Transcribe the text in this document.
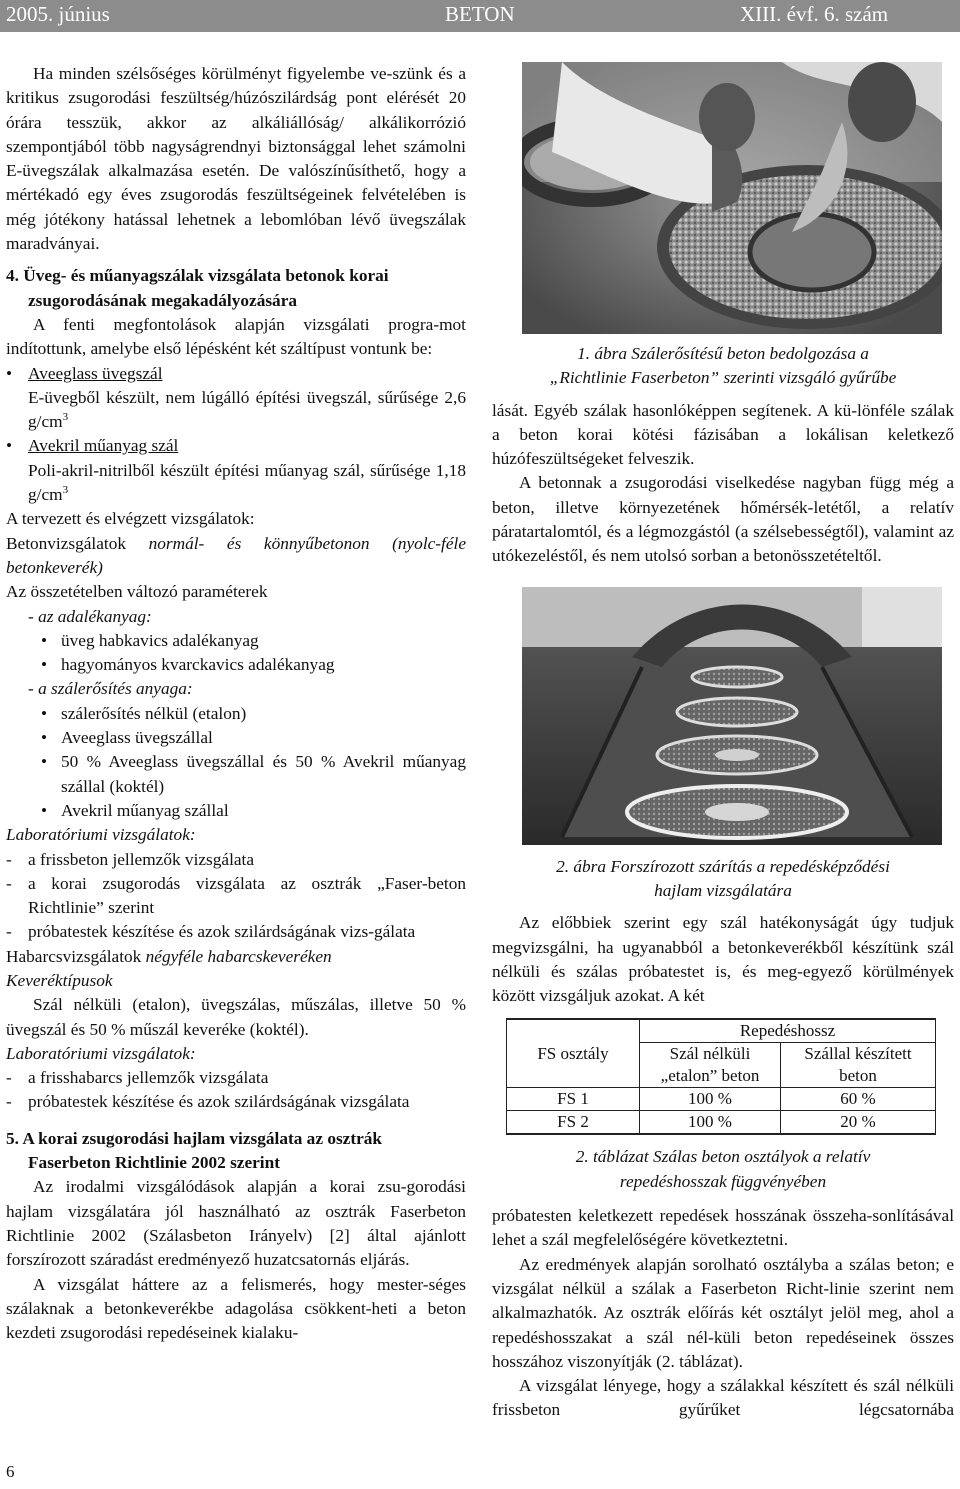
2005. június	BETON	XIII. évf. 6. szám

Ha minden szélsőséges körülményt figyelembe ve-szünk és a kritikus zsugorodási feszültség/húzószilárdság pont elérését 20 órára tesszük, akkor az alkáliállóság/ alkálikorrózió szempontjából több nagyságrendnyi biztonsággal lehet számolni E-üvegszálak alkalmazása esetén. De valószínűsíthető, hogy a mértékadó egy éves zsugorodás feszültségeinek felvételében is még jótékony hatással lehetnek a lebomlóban lévő üvegszálak maradványai.

4. Üveg- és műanyagszálak vizsgálata betonok korai
zsugorodásának megakadályozására

A fenti megfontolások alapján vizsgálati progra-mot indítottunk, amelybe első lépésként két száltípust vontunk be:

• Aveeglass üvegszál

E-üvegből készült, nem lúgálló építési üvegszál, sűrűsége 2,6 $g/cm^3$

• Avekril műanyag szál

Poli-akril-nitrilből készült építési műanyag szál, sűrűsége 1,18 $g/cm^3$

A tervezett és elvégzett vizsgálatok:

Betonvizsgálatok normál- és könnyűbetonon (nyolc-féle betonkeverék)

Az összetételben változó paraméterek

- az adalékanyag:

• üveg habkavics adalékanyag

• hagyományos kvarckavics adalékanyag

- a szálerősítés anyaga:

• szálerősítés nélkül (etalon)

• Aveeglass üvegszállal

• 50 % Aveeglass üvegszállal és 50 % Avekril műanyag szállal (koktél)

• Avekril műanyag szállal

Laboratóriumi vizsgálatok:

- a frissbeton jellemzők vizsgálata

- a korai zsugorodás vizsgálata az osztrák „Faser-beton Richtlinie” szerint

- próbatestek készítése és azok szilárdságának vizs-gálata

Habarcsvizsgálatok négyféle habarcskeveréken

Keveréktípusok

Szál nélküli (etalon), üvegszálas, műszálas, illetve 50 % üvegszál és 50 % műszál keveréke (koktél).

Laboratóriumi vizsgálatok:

- a frisshabarcs jellemzők vizsgálata

- próbatestek készítése és azok szilárdságának vizsgálata

5. A korai zsugorodási hajlam vizsgálata az osztrák
Faserbeton Richtlinie 2002 szerint

Az irodalmi vizsgálódások alapján a korai zsu-gorodási hajlam vizsgálatára jól használható az osztrák Faserbeton Richtlinie 2002 (Szálasbeton Irányelv) [2] által ajánlott forszírozott száradást eredményező huzatcsatornás eljárás.

A vizsgálat háttere az a felismerés, hogy mester-séges szálaknak a betonkeverékbe adagolása csökkent-heti a beton kezdeti zsugorodási repedéseinek kialaku-

6

1. ábra Szálerősítésű beton bedolgozása a
„Richtlinie Faserbeton” szerinti vizsgáló gyűrűbe

lását. Egyéb szálak hasonlóképpen segítenek. A kü-lönféle szálak a beton korai kötési fázisában a lokálisan keletkező húzófeszültségeket felveszik.

A betonnak a zsugorodási viselkedése nagyban függ még a beton, illetve környezetének hőmérsék-letétől, a relatív páratartalomtól, és a légmozgástól (a szélsebességtől), valamint az utókezeléstől, és nem utolsó sorban a betonösszetételtől.

2. ábra Forszírozott szárítás a repedésképződési
hajlam vizsgálatára

Az előbbiek szerint egy szál hatékonyságát úgy tudjuk megvizsgálni, ha ugyanabból a betonkeverékből készítünk szál nélküli és szálas próbatestet is, és meg-egyező körülmények között vizsgáljuk azokat. A két

FS osztály	Repedéshossz	
	Szál nélküli „etalon” beton	Szállal készített beton
FS 1	100 %	60 %
FS 2	100 %	20 %

2. táblázat Szálas beton osztályok a relatív
repedéshosszak függvényében

próbatesten keletkezett repedések hosszának összeha-sonlításával lehet a szál megfelelőségére következtetni.

Az eredmények alapján sorolható osztályba a szálas beton; e vizsgálat nélkül a szálak a Faserbeton Richt-linie szerint nem alkalmazhatók. Az osztrák előírás két osztályt jelöl meg, ahol a repedéshosszakat a szál nél-küli beton repedéseinek összes hosszához viszonyítják (2. táblázat).

A vizsgálat lényege, hogy a szálakkal készített és szál nélküli frissbeton gyűrűket légcsatornába
